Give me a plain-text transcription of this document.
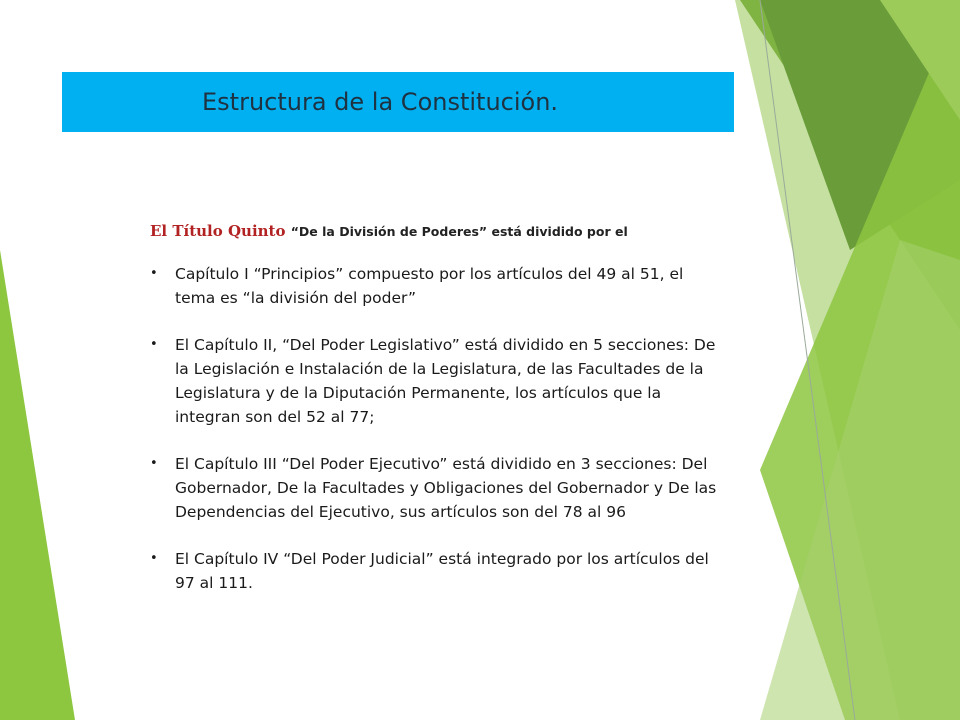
Estructura de la Constitución.

El Título Quinto “De la División de Poderes” está dividido por el

• Capítulo I “Principios” compuesto por los artículos del 49 al 51, el
tema es “la división del poder”
• El Capítulo II, “Del Poder Legislativo” está dividido en 5 secciones: De
la Legislación e Instalación de la Legislatura, de las Facultades de la
Legislatura y de la Diputación Permanente, los artículos que la
integran son del 52 al 77;
• El Capítulo III “Del Poder Ejecutivo” está dividido en 3 secciones: Del
Gobernador, De la Facultades y Obligaciones del Gobernador y De las
Dependencias del Ejecutivo, sus artículos son del 78 al 96
• El Capítulo IV “Del Poder Judicial” está integrado por los artículos del
97 al 111.
